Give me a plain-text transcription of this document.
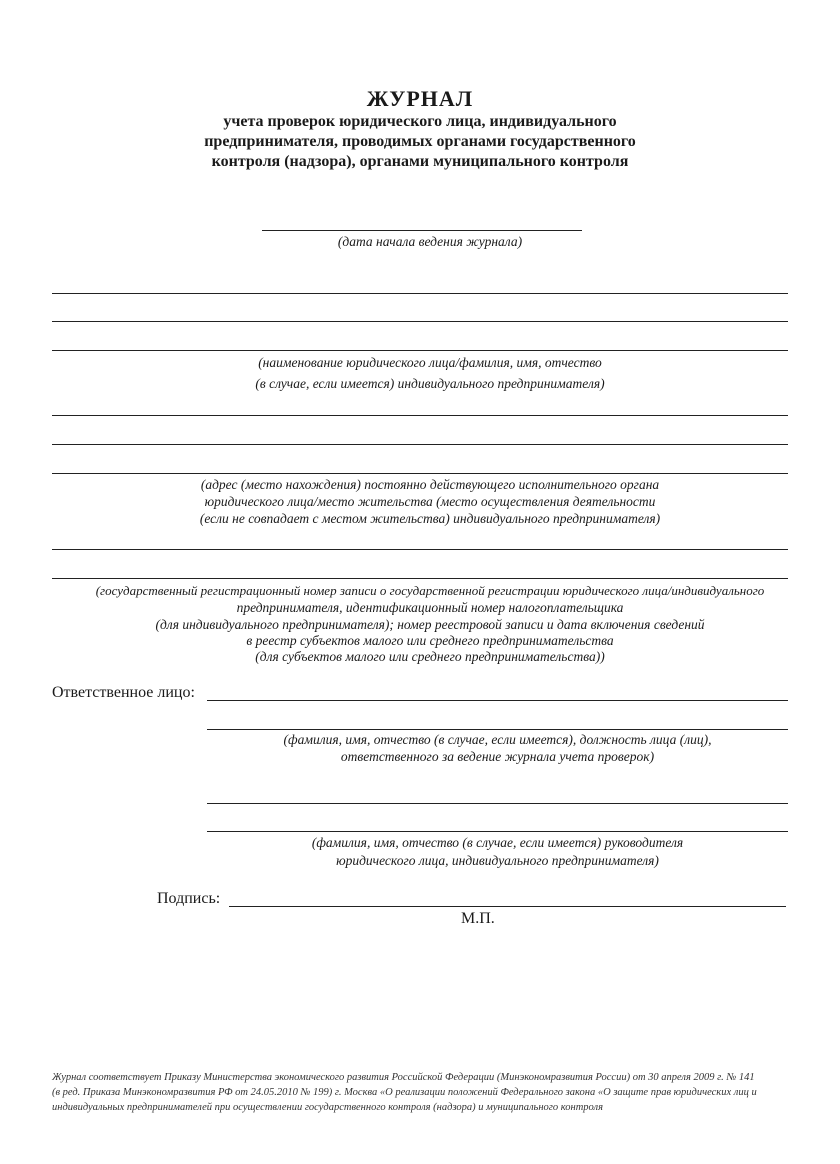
ЖУРНАЛ
учета проверок юридического лица, индивидуального
предпринимателя, проводимых органами государственного
контроля (надзора), органами муниципального контроля
(дата начала ведения журнала)
(наименование юридического лица/фамилия, имя, отчество
(в случае, если имеется) индивидуального предпринимателя)
(адрес (место нахождения) постоянно действующего исполнительного органа
юридического лица/место жительства (место осуществления деятельности
(если не совпадает с местом жительства) индивидуального предпринимателя)
(государственный регистрационный номер записи о государственной регистрации юридического лица/индивидуального
предпринимателя, идентификационный номер налогоплательщика
(для индивидуального предпринимателя); номер реестровой записи и дата включения сведений
в реестр субъектов малого или среднего предпринимательства
(для субъектов малого или среднего предпринимательства))
Ответственное лицо:
(фамилия, имя, отчество (в случае, если имеется), должность лица (лиц),
ответственного за ведение журнала учета проверок)
(фамилия, имя, отчество (в случае, если имеется) руководителя
юридического лица, индивидуального предпринимателя)
Подпись:
М.П.
Журнал соответствует Приказу Министерства экономического развития Российской Федерации (Минэкономразвития России) от 30 апреля 2009 г. № 141
(в ред. Приказа Минэкономразвития РФ от 24.05.2010 № 199) г. Москва «О реализации положений Федерального закона «О защите прав юридических лиц и
индивидуальных предпринимателей при осуществлении государственного контроля (надзора) и муниципального контроля
